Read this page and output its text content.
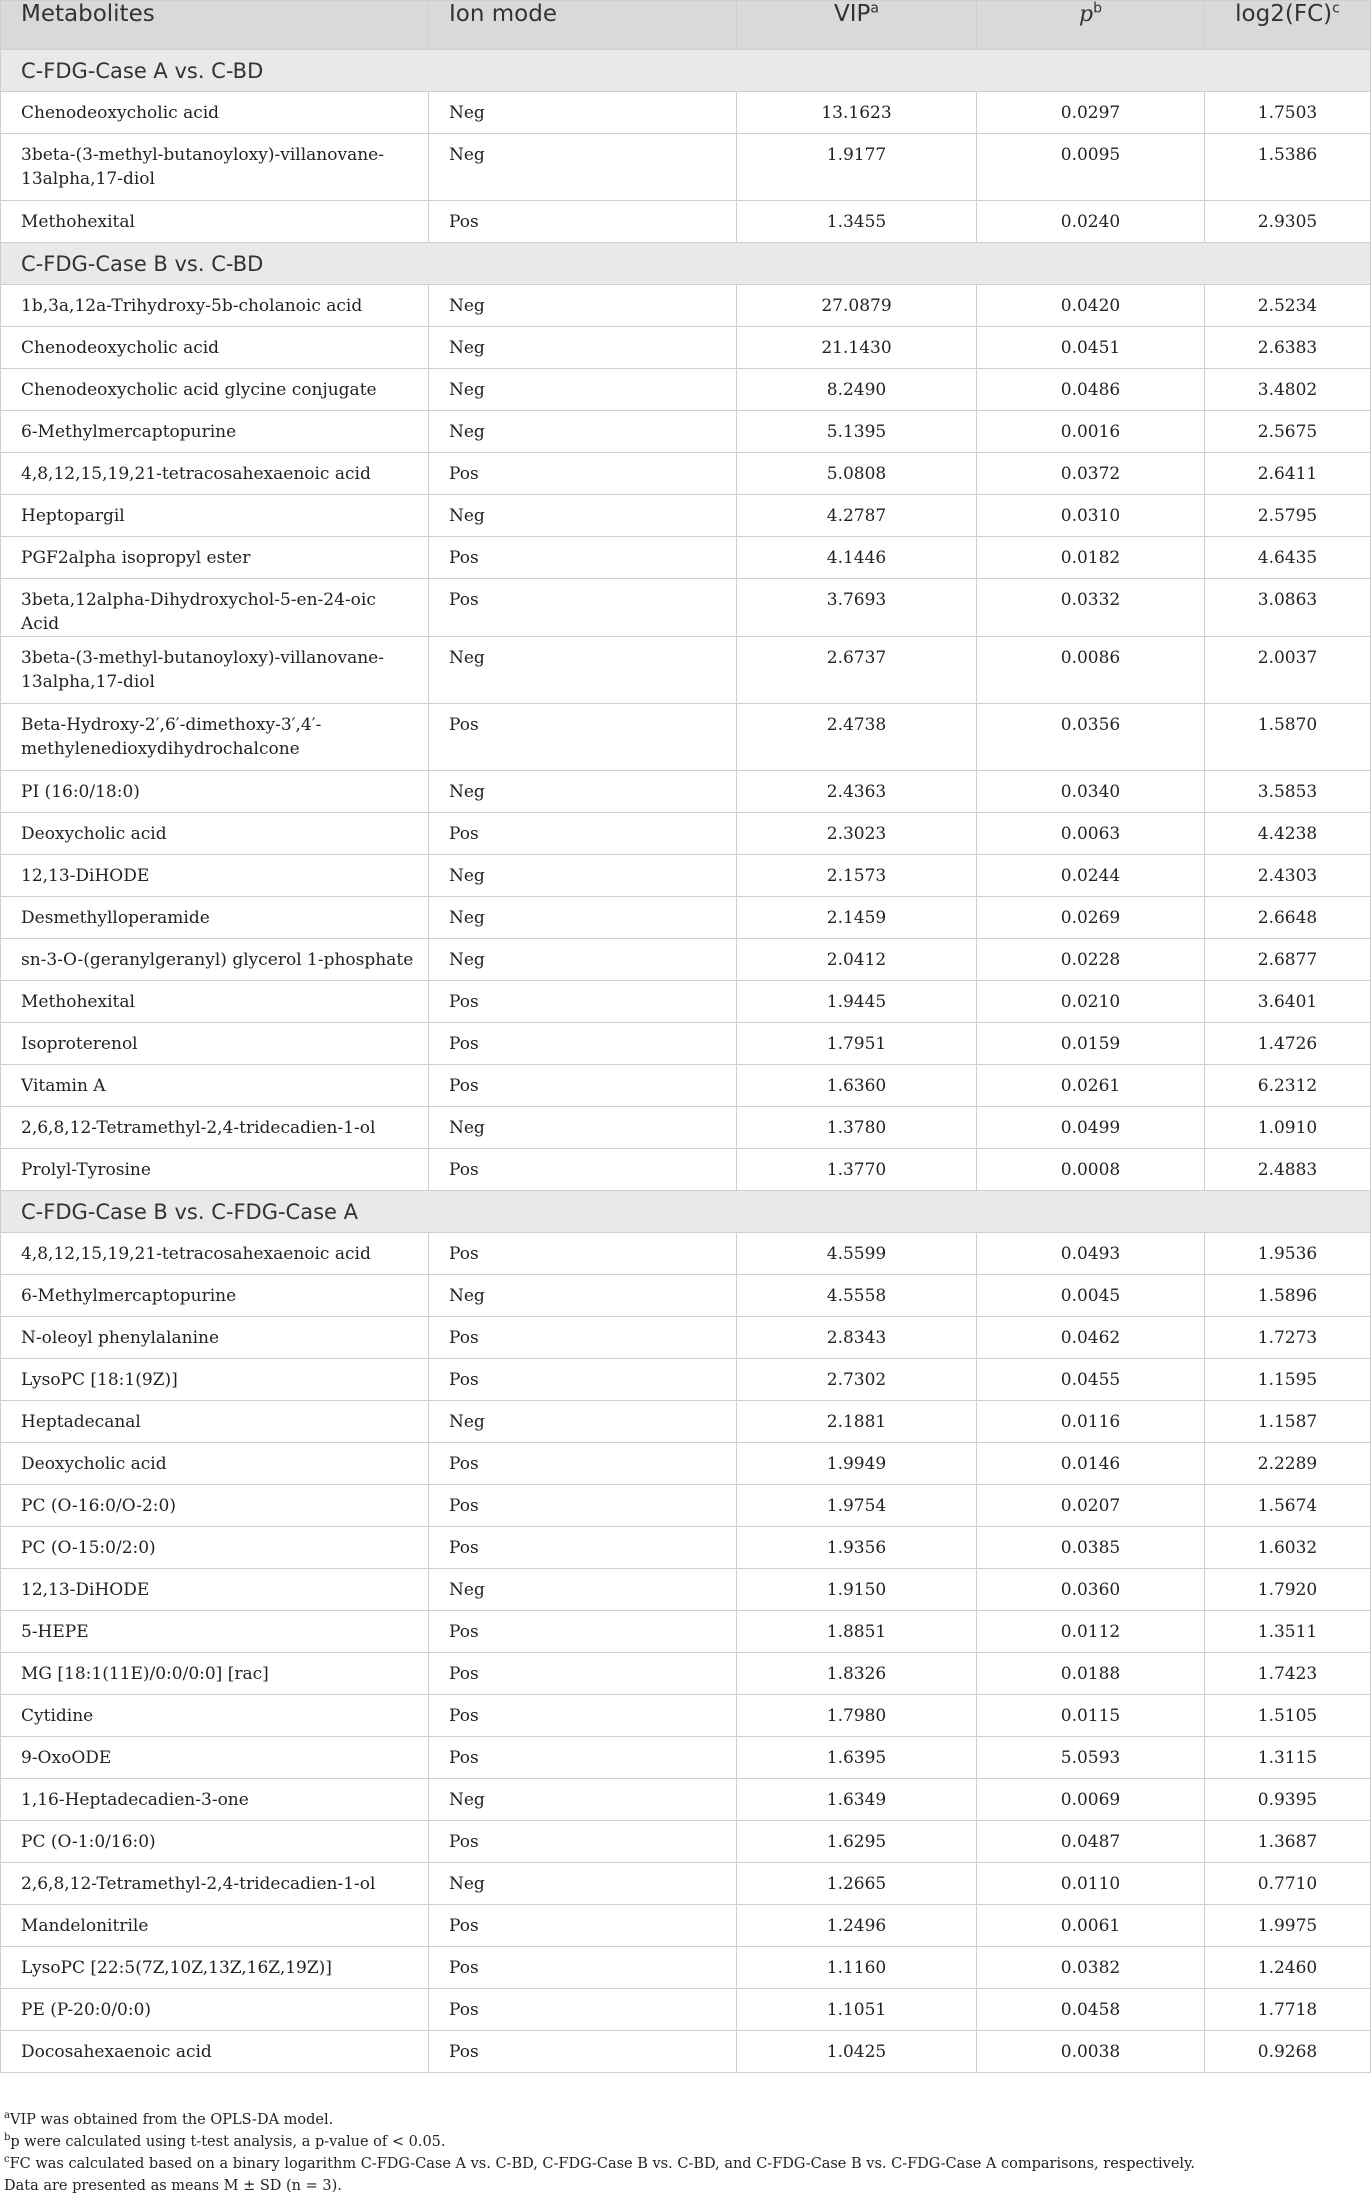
Metabolites	Ion mode	VIP$^a$	$p^b$	log2(FC)$^c$
C-FDG-Case A vs. C-BD				
Chenodeoxycholic acid	Neg	13.1623	0.0297	1.7503
3beta-(3-methyl-butanoyloxy)-villanovane-13alpha,17-diol	Neg	1.9177	0.0095	1.5386
Methohexital	Pos	1.3455	0.0240	2.9305
C-FDG-Case B vs. C-BD				
1b,3a,12a-Trihydroxy-5b-cholanoic acid	Neg	27.0879	0.0420	2.5234
Chenodeoxycholic acid	Neg	21.1430	0.0451	2.6383
Chenodeoxycholic acid glycine conjugate	Neg	8.2490	0.0486	3.4802
6-Methylmercaptopurine	Neg	5.1395	0.0016	2.5675
4,8,12,15,19,21-tetracosahexaenoic acid	Pos	5.0808	0.0372	2.6411
Heptopargil	Neg	4.2787	0.0310	2.5795
PGF2alpha isopropyl ester	Pos	4.1446	0.0182	4.6435
3beta,12alpha-Dihydroxychol-5-en-24-oic Acid	Pos	3.7693	0.0332	3.0863
3beta-(3-methyl-butanoyloxy)-villanovane-13alpha,17-diol	Neg	2.6737	0.0086	2.0037
Beta-Hydroxy-2′,6′-dimethoxy-3′,4′-methylenedioxydihydrochalcone	Pos	2.4738	0.0356	1.5870
PI (16:0/18:0)	Neg	2.4363	0.0340	3.5853
Deoxycholic acid	Pos	2.3023	0.0063	4.4238
12,13-DiHODE	Neg	2.1573	0.0244	2.4303
Desmethylloperamide	Neg	2.1459	0.0269	2.6648
sn-3-O-(geranylgeranyl) glycerol 1-phosphate	Neg	2.0412	0.0228	2.6877
Methohexital	Pos	1.9445	0.0210	3.6401
Isoproterenol	Pos	1.7951	0.0159	1.4726
Vitamin A	Pos	1.6360	0.0261	6.2312
2,6,8,12-Tetramethyl-2,4-tridecadien-1-ol	Neg	1.3780	0.0499	1.0910
Prolyl-Tyrosine	Pos	1.3770	0.0008	2.4883
C-FDG-Case B vs. C-FDG-Case A				
4,8,12,15,19,21-tetracosahexaenoic acid	Pos	4.5599	0.0493	1.9536
6-Methylmercaptopurine	Neg	4.5558	0.0045	1.5896
N-oleoyl phenylalanine	Pos	2.8343	0.0462	1.7273
LysoPC [18:1(9Z)]	Pos	2.7302	0.0455	1.1595
Heptadecanal	Neg	2.1881	0.0116	1.1587
Deoxycholic acid	Pos	1.9949	0.0146	2.2289
PC (O-16:0/O-2:0)	Pos	1.9754	0.0207	1.5674
PC (O-15:0/2:0)	Pos	1.9356	0.0385	1.6032
12,13-DiHODE	Neg	1.9150	0.0360	1.7920
5-HEPE	Pos	1.8851	0.0112	1.3511
MG [18:1(11E)/0:0/0:0] [rac]	Pos	1.8326	0.0188	1.7423
Cytidine	Pos	1.7980	0.0115	1.5105
9-OxoODE	Pos	1.6395	5.0593	1.3115
1,16-Heptadecadien-3-one	Neg	1.6349	0.0069	0.9395
PC (O-1:0/16:0)	Pos	1.6295	0.0487	1.3687
2,6,8,12-Tetramethyl-2,4-tridecadien-1-ol	Neg	1.2665	0.0110	0.7710
Mandelonitrile	Pos	1.2496	0.0061	1.9975
LysoPC [22:5(7Z,10Z,13Z,16Z,19Z)]	Pos	1.1160	0.0382	1.2460
PE (P-20:0/0:0)	Pos	1.1051	0.0458	1.7718
Docosahexaenoic acid	Pos	1.0425	0.0038	0.9268

$^a$VIP was obtained from the OPLS-DA model.

$^b$p were calculated using t-test analysis, a p-value of < 0.05.

$^c$FC was calculated based on a binary logarithm C-FDG-Case A vs. C-BD, C-FDG-Case B vs. C-BD, and C-FDG-Case B vs. C-FDG-Case A comparisons, respectively.

Data are presented as means M ± SD (n = 3).
